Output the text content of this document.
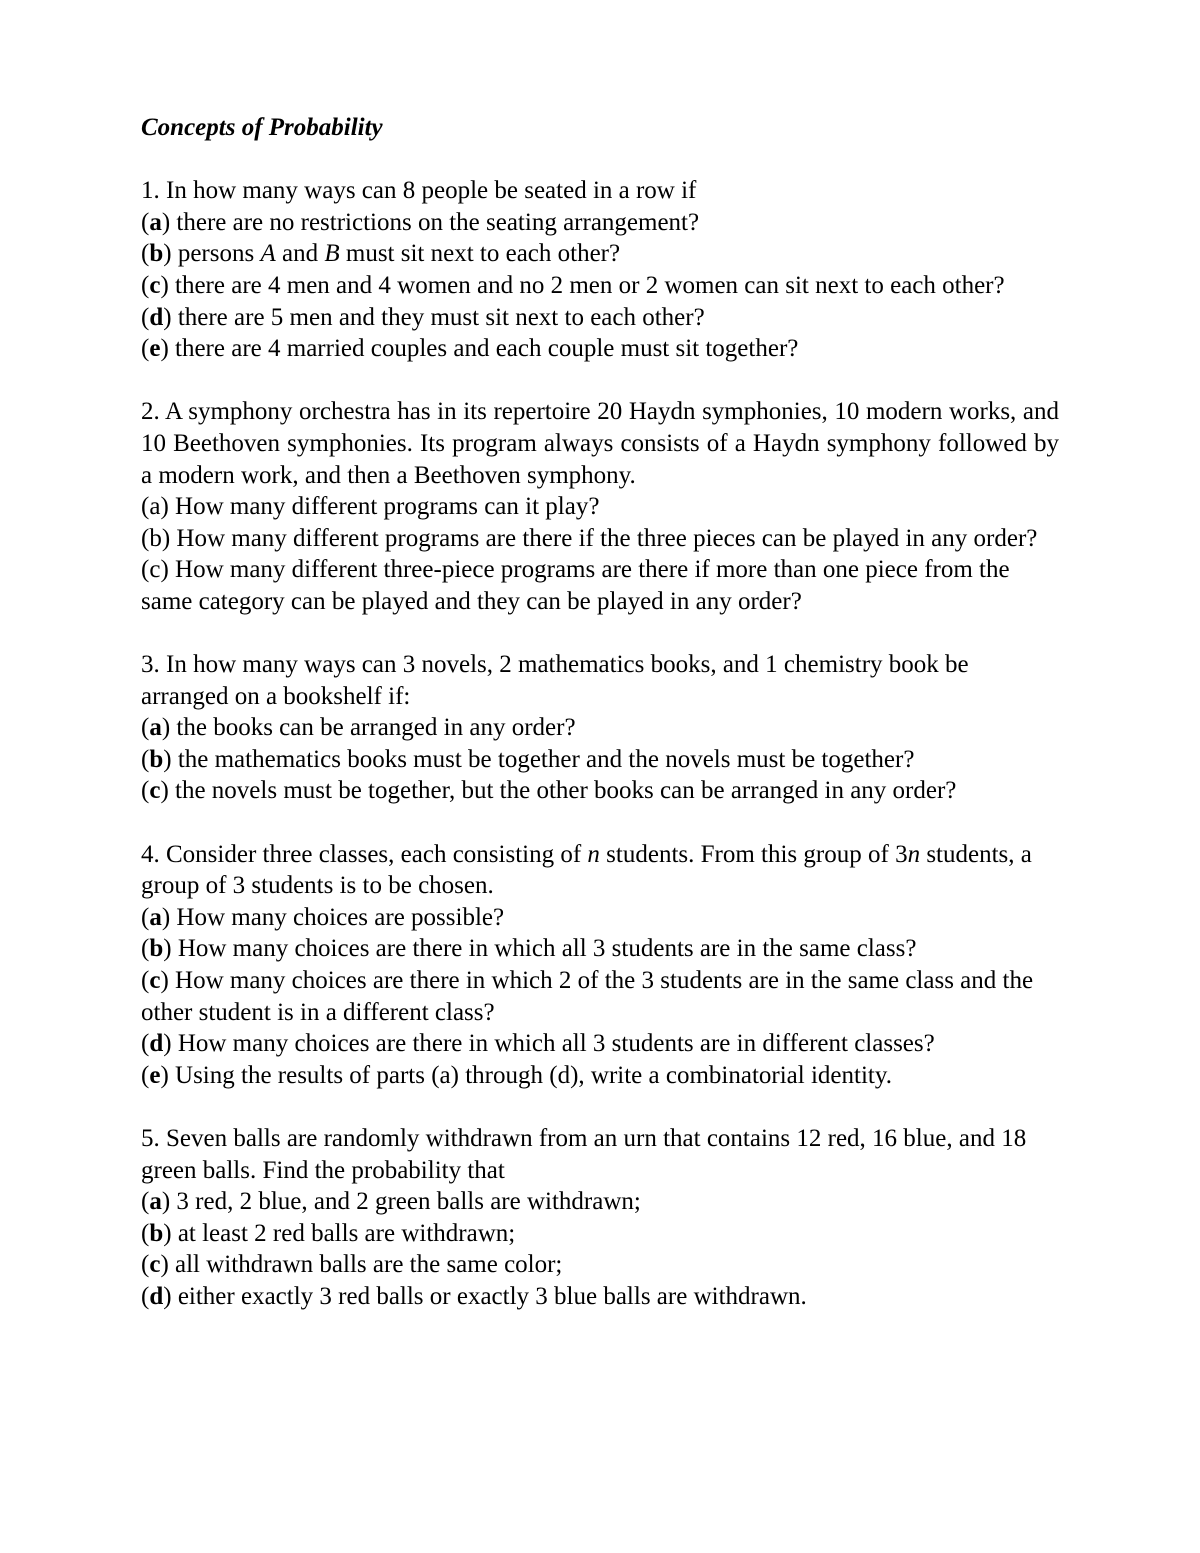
Concepts of Probability
1. In how many ways can 8 people be seated in a row if
(a) there are no restrictions on the seating arrangement?
(b) persons A and B must sit next to each other?
(c) there are 4 men and 4 women and no 2 men or 2 women can sit next to each other?
(d) there are 5 men and they must sit next to each other?
(e) there are 4 married couples and each couple must sit together?
2. A symphony orchestra has in its repertoire 20 Haydn symphonies, 10 modern works, and 10 Beethoven symphonies. Its program always consists of a Haydn symphony followed by a modern work, and then a Beethoven symphony.
(a) How many different programs can it play?
(b) How many different programs are there if the three pieces can be played in any order?
(c) How many different three-piece programs are there if more than one piece from the same category can be played and they can be played in any order?
3. In how many ways can 3 novels, 2 mathematics books, and 1 chemistry book be arranged on a bookshelf if:
(a) the books can be arranged in any order?
(b) the mathematics books must be together and the novels must be together?
(c) the novels must be together, but the other books can be arranged in any order?
4. Consider three classes, each consisting of n students. From this group of 3n students, a group of 3 students is to be chosen.
(a) How many choices are possible?
(b) How many choices are there in which all 3 students are in the same class?
(c) How many choices are there in which 2 of the 3 students are in the same class and the other student is in a different class?
(d) How many choices are there in which all 3 students are in different classes?
(e) Using the results of parts (a) through (d), write a combinatorial identity.
5. Seven balls are randomly withdrawn from an urn that contains 12 red, 16 blue, and 18 green balls. Find the probability that
(a) 3 red, 2 blue, and 2 green balls are withdrawn;
(b) at least 2 red balls are withdrawn;
(c) all withdrawn balls are the same color;
(d) either exactly 3 red balls or exactly 3 blue balls are withdrawn.
